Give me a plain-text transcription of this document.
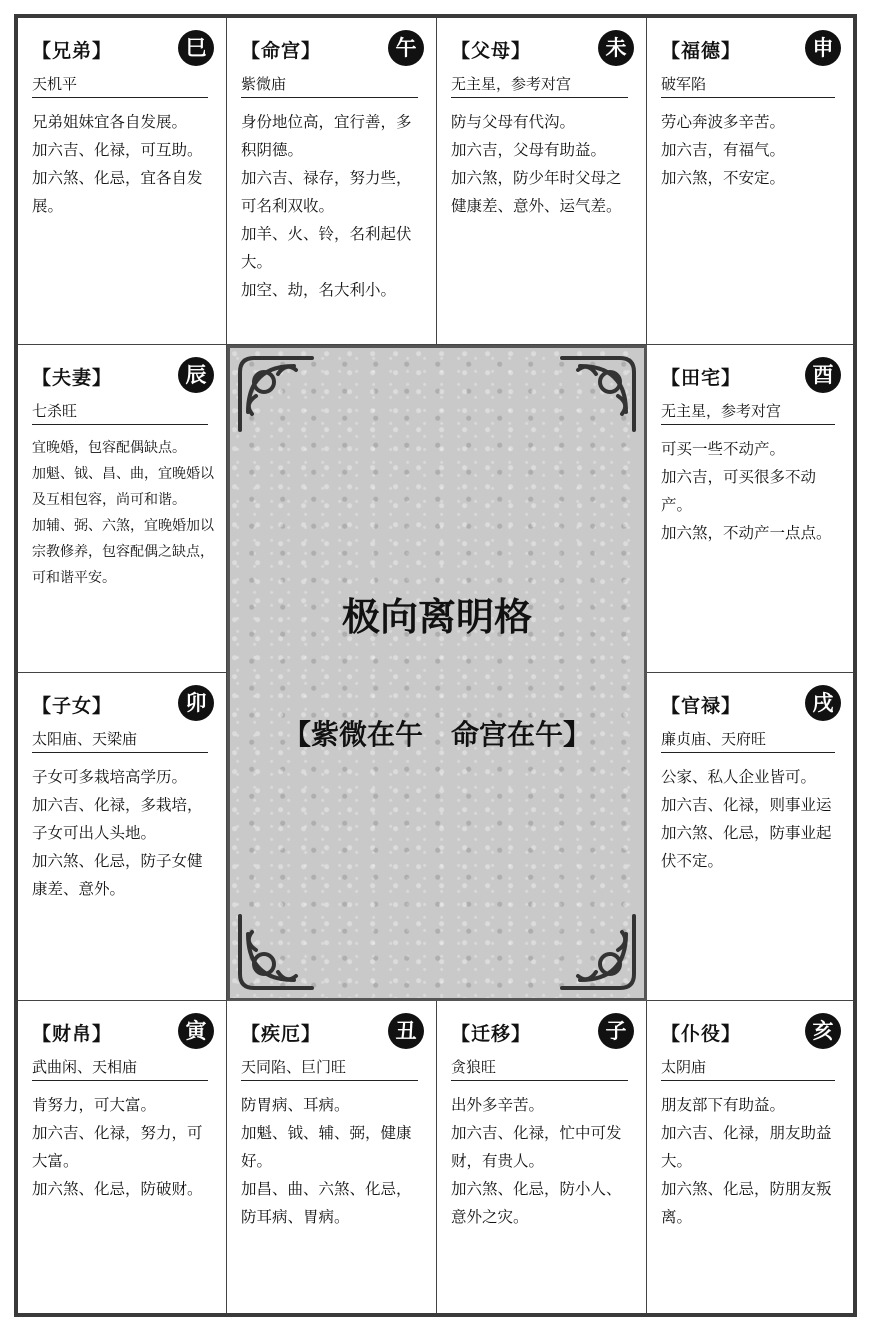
【兄弟】	巳
天机平

兄弟姐妹宜各自发展。

加六吉、化禄，可互助。

加六煞、化忌，宜各自发展。

【命宫】	午
紫微庙

身份地位高，宜行善，多积阴德。

加六吉、禄存，努力些，可名利双收。

加羊、火、铃，名利起伏大。

加空、劫，名大利小。

【父母】	未
无主星，参考对宫

防与父母有代沟。

加六吉，父母有助益。

加六煞，防少年时父母之健康差、意外、运气差。

【福德】	申
破军陷

劳心奔波多辛苦。

加六吉，有福气。

加六煞，不安定。

【夫妻】	辰
七杀旺

宜晚婚，包容配偶缺点。

加魁、钺、昌、曲，宜晚婚以及互相包容，尚可和谐。

加辅、弼、六煞，宜晚婚加以宗教修养，包容配偶之缺点，可和谐平安。

【子女】	卯
太阳庙、天梁庙

子女可多栽培高学历。

加六吉、化禄，多栽培，子女可出人头地。

加六煞、化忌，防子女健康差、意外。

【田宅】	酉
无主星，参考对宫

可买一些不动产。

加六吉，可买很多不动产。

加六煞，不动产一点点。

【官禄】	戌
廉贞庙、天府旺

公家、私人企业皆可。

加六吉、化禄，则事业运加六煞、化忌，防事业起伏不定。

【财帛】	寅
武曲闲、天相庙

肯努力，可大富。

加六吉、化禄，努力，可大富。

加六煞、化忌，防破财。

【疾厄】	丑
天同陷、巨门旺

防胃病、耳病。

加魁、钺、辅、弼，健康好。

加昌、曲、六煞、化忌，防耳病、胃病。

【迁移】	子
贪狼旺

出外多辛苦。

加六吉、化禄，忙中可发财，有贵人。

加六煞、化忌，防小人、意外之灾。

【仆役】	亥
太阴庙

朋友部下有助益。

加六吉、化禄，朋友助益大。

加六煞、化忌，防朋友叛离。

极向离明格
【紫微在午　命宫在午】
